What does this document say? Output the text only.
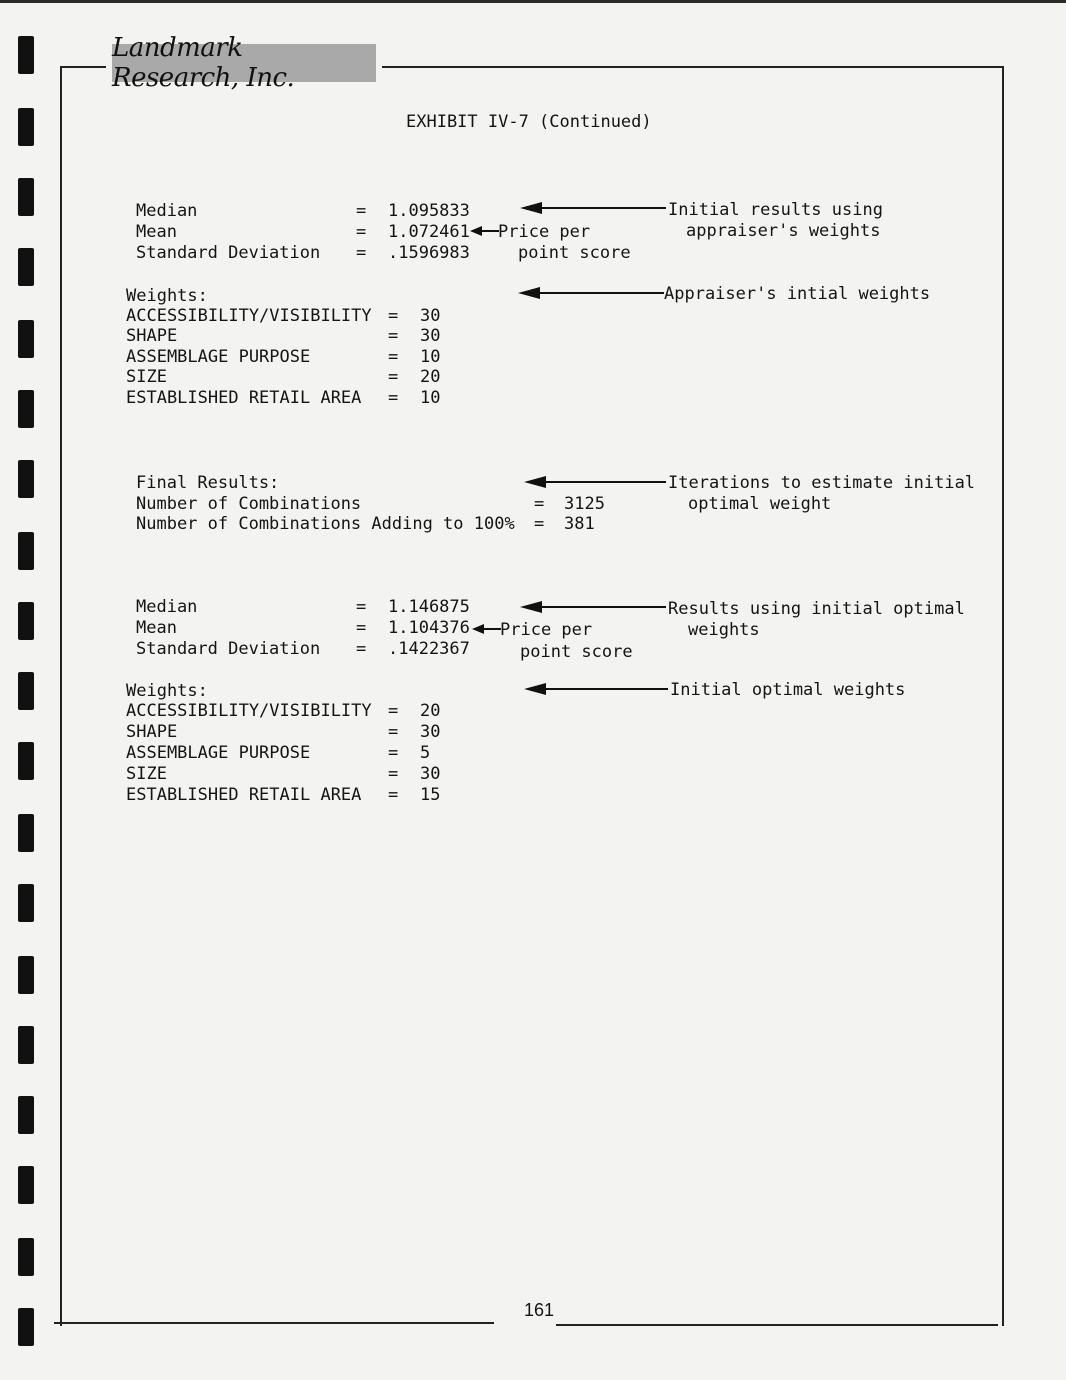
Landmark Research, Inc.
EXHIBIT IV-7 (Continued)
Median	= 1.095833
Mean	= 1.072461
Standard Deviation = .1596983
Price per
point score
Initial results using
appraiser's weights
Weights:	Appraiser's intial weights
ACCESSIBILITY/VISIBILITY = 30
SHAPE	= 30
ASSEMBLAGE PURPOSE	= 10
SIZE	= 20
ESTABLISHED RETAIL AREA = 10
Final Results:
Number of Combinations	= 3125
Number of Combinations Adding to 100% = 381
Iterations to estimate initial
optimal weight
Median	= 1.146875
Mean	= 1.104376
Standard Deviation = .1422367
Price per
point score
Results using initial optimal
weights
Weights:	Initial optimal weights
ACCESSIBILITY/VISIBILITY = 20
SHAPE	= 30
ASSEMBLAGE PURPOSE	= 5
SIZE	= 30
ESTABLISHED RETAIL AREA = 15
161
